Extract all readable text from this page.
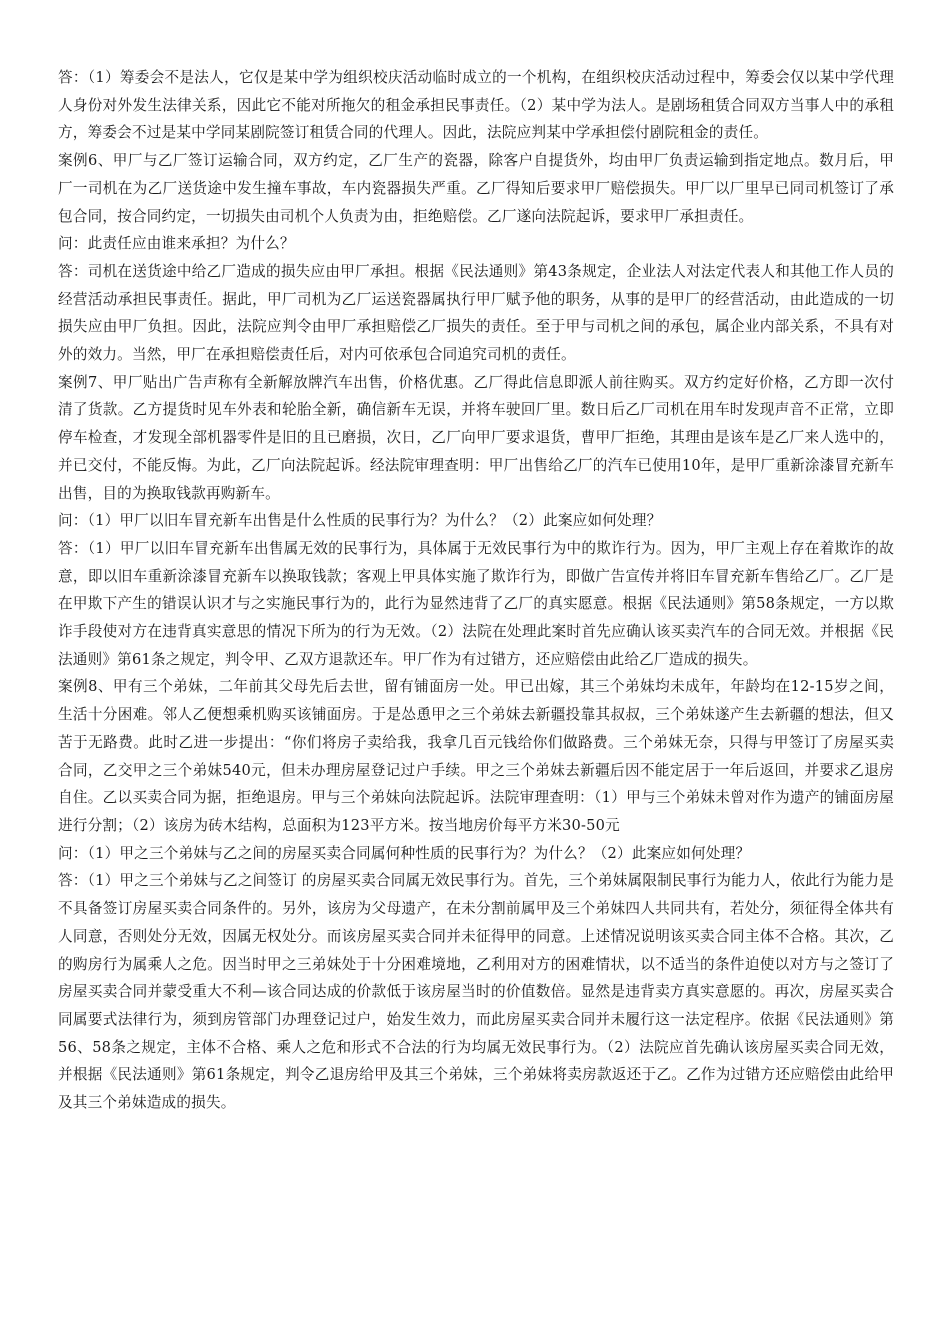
答：（1）筹委会不是法人，它仅是某中学为组织校庆活动临时成立的一个机构，在组织校庆活动过程中，筹委会仅以某中学代理人身份对外发生法律关系，因此它不能对所拖欠的租金承担民事责任。（2）某中学为法人。是剧场租赁合同双方当事人中的承租方，筹委会不过是某中学同某剧院签订租赁合同的代理人。因此，法院应判某中学承担偿付剧院租金的责任。

案例6、甲厂与乙厂签订运输合同，双方约定，乙厂生产的瓷器，除客户自提货外，均由甲厂负责运输到指定地点。数月后，甲厂一司机在为乙厂送货途中发生撞车事故，车内瓷器损失严重。乙厂得知后要求甲厂赔偿损失。甲厂以厂里早已同司机签订了承包合同，按合同约定，一切损失由司机个人负责为由，拒绝赔偿。乙厂遂向法院起诉，要求甲厂承担责任。

问：此责任应由谁来承担？为什么？

答：司机在送货途中给乙厂造成的损失应由甲厂承担。根据《民法通则》第43条规定，企业法人对法定代表人和其他工作人员的经营活动承担民事责任。据此，甲厂司机为乙厂运送瓷器属执行甲厂赋予他的职务，从事的是甲厂的经营活动，由此造成的一切损失应由甲厂负担。因此，法院应判令由甲厂承担赔偿乙厂损失的责任。至于甲与司机之间的承包，属企业内部关系，不具有对外的效力。当然，甲厂在承担赔偿责任后，对内可依承包合同追究司机的责任。

案例7、甲厂贴出广告声称有全新解放牌汽车出售，价格优惠。乙厂得此信息即派人前往购买。双方约定好价格，乙方即一次付清了货款。乙方提货时见车外表和轮胎全新，确信新车无误，并将车驶回厂里。数日后乙厂司机在用车时发现声音不正常，立即停车检查，才发现全部机器零件是旧的且已磨损，次日，乙厂向甲厂要求退货，曹甲厂拒绝，其理由是该车是乙厂来人选中的，并已交付，不能反悔。为此，乙厂向法院起诉。经法院审理查明：甲厂出售给乙厂的汽车已使用10年，是甲厂重新涂漆冒充新车出售，目的为换取钱款再购新车。

问：（1）甲厂以旧车冒充新车出售是什么性质的民事行为？为什么？（2）此案应如何处理？

答：（1）甲厂以旧车冒充新车出售属无效的民事行为，具体属于无效民事行为中的欺诈行为。因为，甲厂主观上存在着欺诈的故意，即以旧车重新涂漆冒充新车以换取钱款；客观上甲具体实施了欺诈行为，即做广告宣传并将旧车冒充新车售给乙厂。乙厂是在甲欺下产生的错误认识才与之实施民事行为的，此行为显然违背了乙厂的真实愿意。根据《民法通则》第58条规定，一方以欺诈手段使对方在违背真实意思的情况下所为的行为无效。（2）法院在处理此案时首先应确认该买卖汽车的合同无效。并根据《民法通则》第61条之规定，判令甲、乙双方退款还车。甲厂作为有过错方，还应赔偿由此给乙厂造成的损失。

案例8、甲有三个弟妹，二年前其父母先后去世，留有铺面房一处。甲已出嫁，其三个弟妹均未成年，年龄均在12-15岁之间，生活十分困难。邻人乙便想乘机购买该铺面房。于是怂恿甲之三个弟妹去新疆投靠其叔叔，三个弟妹遂产生去新疆的想法，但又苦于无路费。此时乙进一步提出：“你们将房子卖给我，我拿几百元钱给你们做路费。三个弟妹无奈，只得与甲签订了房屋买卖合同，乙交甲之三个弟妹540元，但未办理房屋登记过户手续。甲之三个弟妹去新疆后因不能定居于一年后返回，并要求乙退房自住。乙以买卖合同为据，拒绝退房。甲与三个弟妹向法院起诉。法院审理查明：（1）甲与三个弟妹未曾对作为遗产的铺面房屋进行分割；（2）该房为砖木结构，总面积为123平方米。按当地房价每平方米30-50元

问：（1）甲之三个弟妹与乙之间的房屋买卖合同属何种性质的民事行为？为什么？（2）此案应如何处理？

答：（1）甲之三个弟妹与乙之间签订 的房屋买卖合同属无效民事行为。首先，三个弟妹属限制民事行为能力人，依此行为能力是不具备签订房屋买卖合同条件的。另外，该房为父母遗产，在未分割前属甲及三个弟妹四人共同共有，若处分，须征得全体共有人同意，否则处分无效，因属无权处分。而该房屋买卖合同并未征得甲的同意。上述情况说明该买卖合同主体不合格。其次，乙的购房行为属乘人之危。因当时甲之三弟妹处于十分困难境地，乙利用对方的困难情状，以不适当的条件迫使以对方与之签订了房屋买卖合同并蒙受重大不利—该合同达成的价款低于该房屋当时的价值数倍。显然是违背卖方真实意愿的。再次，房屋买卖合同属要式法律行为，须到房管部门办理登记过户，始发生效力，而此房屋买卖合同并未履行这一法定程序。依据《民法通则》第56、58条之规定，主体不合格、乘人之危和形式不合法的行为均属无效民事行为。（2）法院应首先确认该房屋买卖合同无效，并根据《民法通则》第61条规定，判令乙退房给甲及其三个弟妹，三个弟妹将卖房款返还于乙。乙作为过错方还应赔偿由此给甲及其三个弟妹造成的损失。
